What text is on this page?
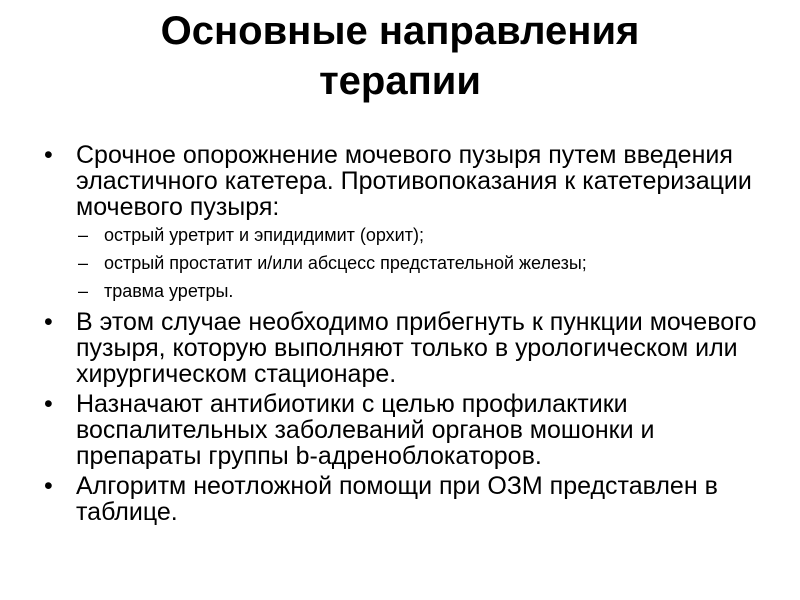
Основные направления
терапии
• Срочное опорожнение мочевого пузыря путем введения эластичного катетера. Противопоказания к катетеризации мочевого пузыря:
– острый уретрит и эпидидимит (орхит);
– острый простатит и/или абсцесс предстательной железы;
– травма уретры.
• В этом случае необходимо прибегнуть к пункции мочевого пузыря, которую выполняют только в урологическом или хирургическом стационаре.
• Назначают антибиотики с целью профилактики воспалительных заболеваний органов мошонки и препараты группы b-адреноблокаторов.
• Алгоритм неотложной помощи при ОЗМ представлен в таблице.
